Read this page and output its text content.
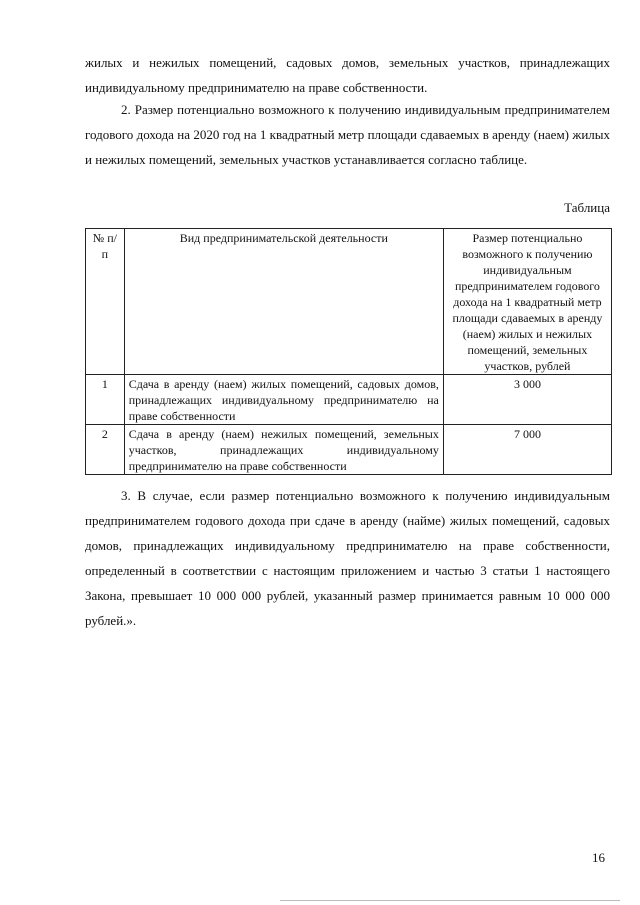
жилых и нежилых помещений, садовых домов, земельных участков, принадлежащих индивидуальному предпринимателю на праве собственности.

2. Размер потенциально возможного к получению индивидуальным предпринимателем годового дохода на 2020 год на 1 квадратный метр площади сдаваемых в аренду (наем) жилых и нежилых помещений, земельных участков устанавливается согласно таблице.

Таблица

№ п/п	Вид предпринимательской деятельности	Размер потенциально возможного к получению индивидуальным предпринимателем годового дохода на 1 квадратный метр площади сдаваемых в аренду (наем) жилых и нежилых помещений, земельных участков, рублей
1	Сдача в аренду (наем) жилых помещений, садовых домов, принадлежащих индивидуальному предпринимателю на праве собственности	3 000
2	Сдача в аренду (наем) нежилых помещений, земельных участков, принадлежащих индивидуальному предпринимателю на праве собственности	7 000

3. В случае, если размер потенциально возможного к получению индивидуальным предпринимателем годового дохода при сдаче в аренду (найме) жилых помещений, садовых домов, принадлежащих индивидуальному предпринимателю на праве собственности, определенный в соответствии с настоящим приложением и частью 3 статьи 1 настоящего Закона, превышает 10 000 000 рублей, указанный размер принимается равным 10 000 000 рублей.».

16
